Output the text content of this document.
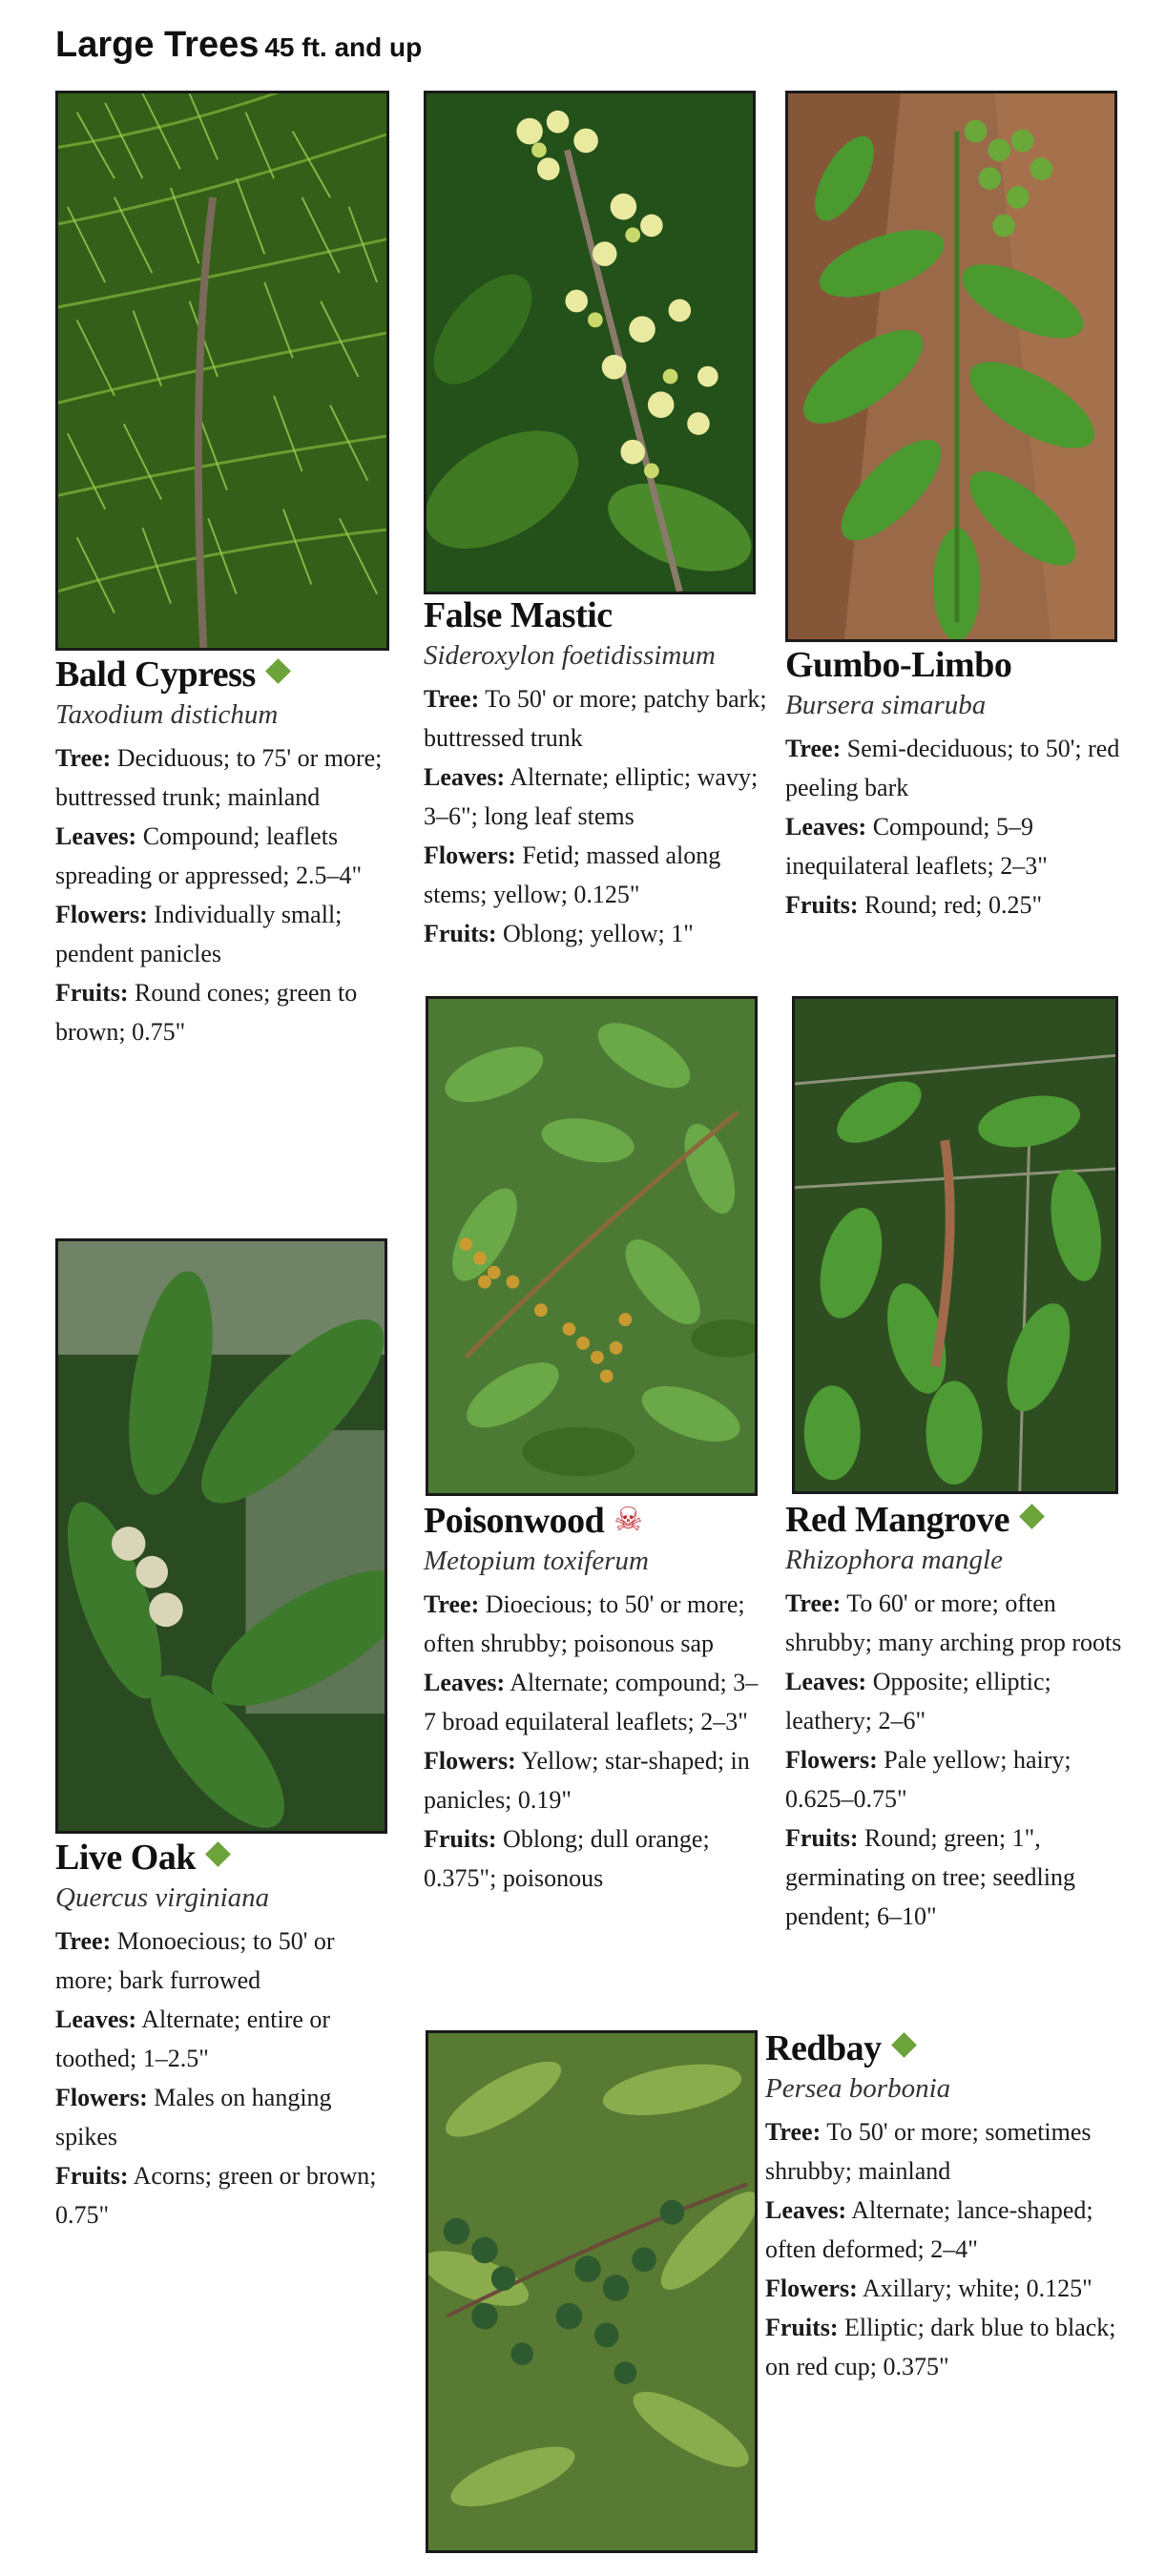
Large Trees 45 ft. and up
Bald Cypress
Taxodium distichum
Tree: Deciduous; to 75' or more; buttressed trunk; mainland
Leaves: Compound; leaflets spreading or appressed; 2.5–4"
Flowers: Individually small; pendent panicles
Fruits: Round cones; green to brown; 0.75"
False Mastic
Sideroxylon foetidissimum
Tree: To 50' or more; patchy bark; buttressed trunk
Leaves: Alternate; elliptic; wavy; 3–6"; long leaf stems
Flowers: Fetid; massed along stems; yellow; 0.125"
Fruits: Oblong; yellow; 1"
Gumbo-Limbo
Bursera simaruba
Tree: Semi-deciduous; to 50'; red peeling bark
Leaves: Compound; 5–9 inequilateral leaflets; 2–3"
Fruits: Round; red; 0.25"
Poisonwood ☠
Metopium toxiferum
Tree: Dioecious; to 50' or more; often shrubby; poisonous sap
Leaves: Alternate; compound; 3–7 broad equilateral leaflets; 2–3"
Flowers: Yellow; star-shaped; in panicles; 0.19"
Fruits: Oblong; dull orange; 0.375"; poisonous
Red Mangrove
Rhizophora mangle
Tree: To 60' or more; often shrubby; many arching prop roots
Leaves: Opposite; elliptic; leathery; 2–6"
Flowers: Pale yellow; hairy; 0.625–0.75"
Fruits: Round; green; 1", germinating on tree; seedling pendent; 6–10"
Live Oak
Quercus virginiana
Tree: Monoecious; to 50' or more; bark furrowed
Leaves: Alternate; entire or toothed; 1–2.5"
Flowers: Males on hanging spikes
Fruits: Acorns; green or brown; 0.75"
Redbay
Persea borbonia
Tree: To 50' or more; sometimes shrubby; mainland
Leaves: Alternate; lance-shaped; often deformed; 2–4"
Flowers: Axillary; white; 0.125"
Fruits: Elliptic; dark blue to black; on red cup; 0.375"
